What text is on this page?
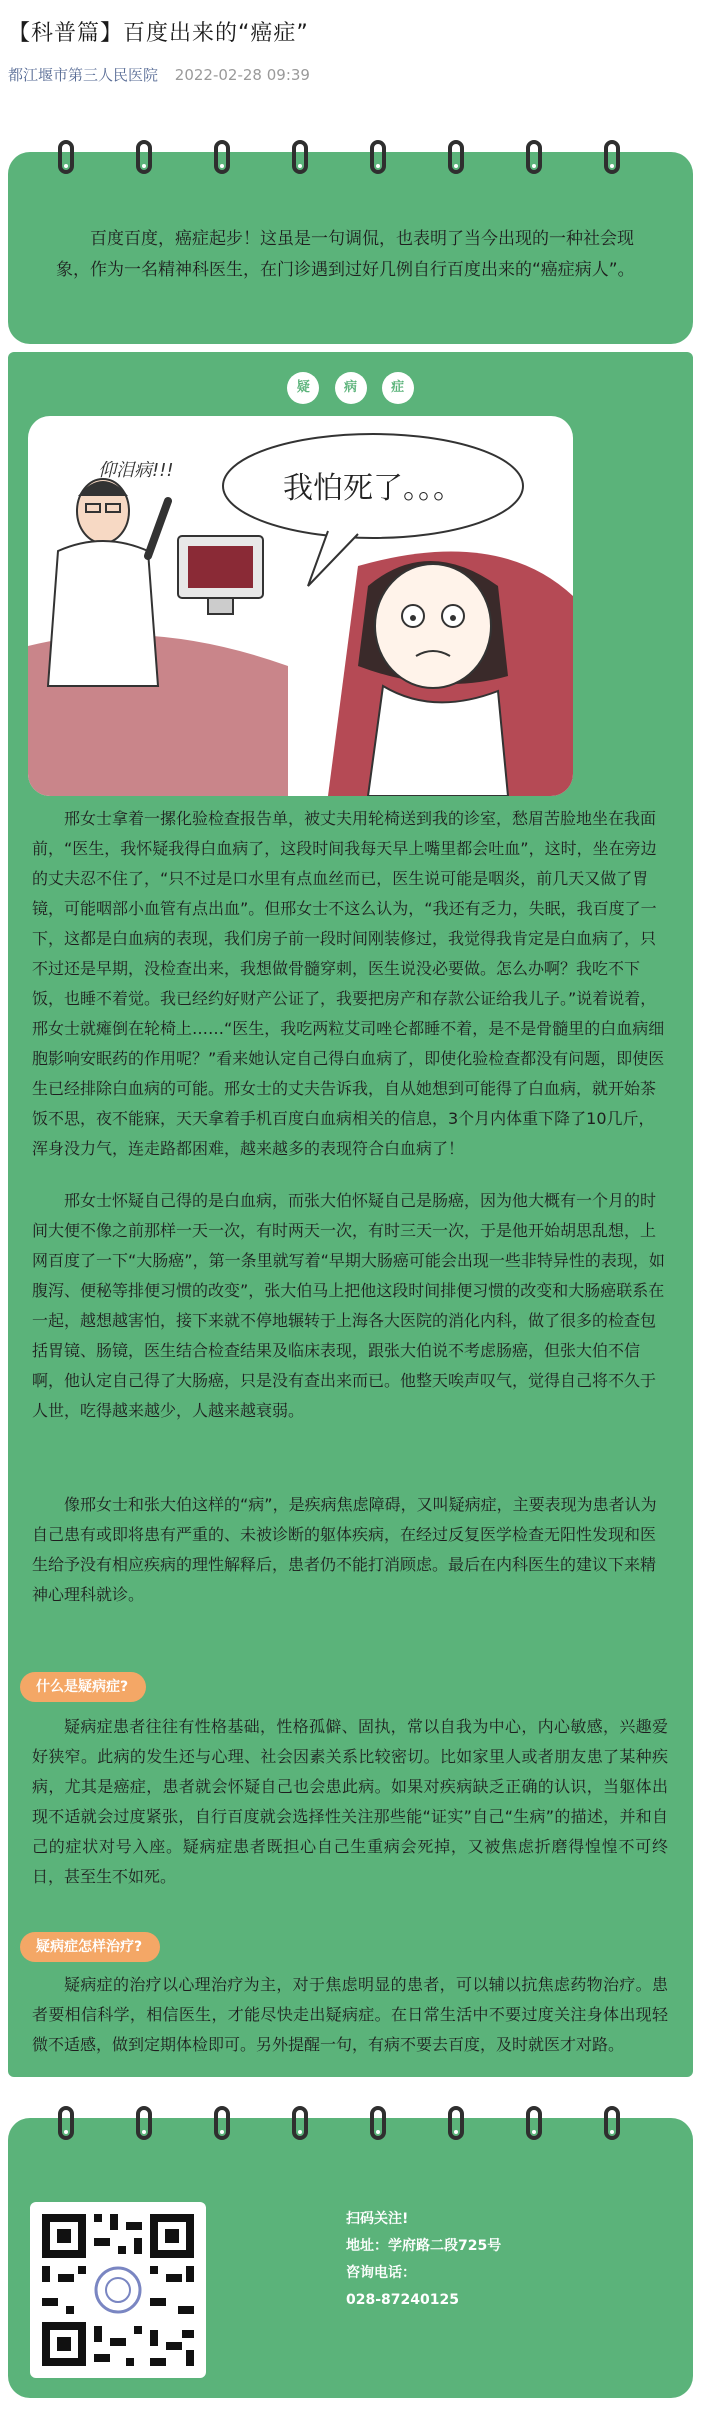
【科普篇】百度出来的“癌症”
都江堰市第三人民医院 2022-02-28 09:39

百度百度，癌症起步！这虽是一句调侃，也表明了当今出现的一种社会现象，作为一名精神科医生，在门诊遇到过好几例自行百度出来的“癌症病人”。

疑	病	症
仰泪病!!!
我怕死了。。。

邢女士拿着一摞化验检查报告单，被丈夫用轮椅送到我的诊室，愁眉苦脸地坐在我面前，“医生，我怀疑我得白血病了，这段时间我每天早上嘴里都会吐血”，这时，坐在旁边的丈夫忍不住了，“只不过是口水里有点血丝而已，医生说可能是咽炎，前几天又做了胃镜，可能咽部小血管有点出血”。但邢女士不这么认为，“我还有乏力，失眠，我百度了一下，这都是白血病的表现，我们房子前一段时间刚装修过，我觉得我肯定是白血病了，只不过还是早期，没检查出来，我想做骨髓穿刺，医生说没必要做。怎么办啊？我吃不下饭，也睡不着觉。我已经约好财产公证了，我要把房产和存款公证给我儿子。”说着说着，邢女士就瘫倒在轮椅上……“医生，我吃两粒艾司唑仑都睡不着，是不是骨髓里的白血病细胞影响安眠药的作用呢？”看来她认定自己得白血病了，即使化验检查都没有问题，即使医生已经排除白血病的可能。邢女士的丈夫告诉我，自从她想到可能得了白血病，就开始茶饭不思，夜不能寐，天天拿着手机百度白血病相关的信息，3个月内体重下降了10几斤，浑身没力气，连走路都困难，越来越多的表现符合白血病了！

邢女士怀疑自己得的是白血病，而张大伯怀疑自己是肠癌，因为他大概有一个月的时间大便不像之前那样一天一次，有时两天一次，有时三天一次，于是他开始胡思乱想，上网百度了一下“大肠癌”，第一条里就写着“早期大肠癌可能会出现一些非特异性的表现，如腹泻、便秘等排便习惯的改变”，张大伯马上把他这段时间排便习惯的改变和大肠癌联系在一起，越想越害怕，接下来就不停地辗转于上海各大医院的消化内科，做了很多的检查包括胃镜、肠镜，医生结合检查结果及临床表现，跟张大伯说不考虑肠癌，但张大伯不信啊，他认定自己得了大肠癌，只是没有查出来而已。他整天唉声叹气，觉得自己将不久于人世，吃得越来越少，人越来越衰弱。

像邢女士和张大伯这样的“病”，是疾病焦虑障碍，又叫疑病症，主要表现为患者认为自己患有或即将患有严重的、未被诊断的躯体疾病，在经过反复医学检查无阳性发现和医生给予没有相应疾病的理性解释后，患者仍不能打消顾虑。最后在内科医生的建议下来精神心理科就诊。

什么是疑病症?

疑病症患者往往有性格基础，性格孤僻、固执，常以自我为中心，内心敏感，兴趣爱好狭窄。此病的发生还与心理、社会因素关系比较密切。比如家里人或者朋友患了某种疾病，尤其是癌症，患者就会怀疑自己也会患此病。如果对疾病缺乏正确的认识，当躯体出现不适就会过度紧张，自行百度就会选择性关注那些能“证实”自己“生病”的描述，并和自己的症状对号入座。疑病症患者既担心自己生重病会死掉，又被焦虑折磨得惶惶不可终日，甚至生不如死。

疑病症怎样治疗?

疑病症的治疗以心理治疗为主，对于焦虑明显的患者，可以辅以抗焦虑药物治疗。患者要相信科学，相信医生，才能尽快走出疑病症。在日常生活中不要过度关注身体出现轻微不适感，做到定期体检即可。另外提醒一句，有病不要去百度，及时就医才对路。

扫码关注!
地址：学府路二段725号
咨询电话：
028-87240125
